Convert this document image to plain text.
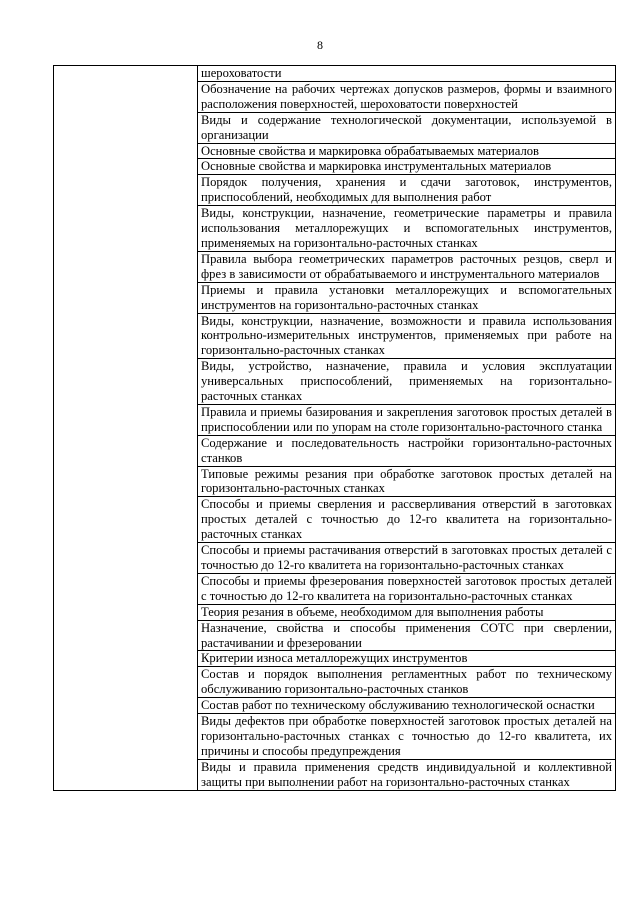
8

шероховатости
Обозначение на рабочих чертежах допусков размеров, формы и взаимного расположения поверхностей, шероховатости поверхностей
Виды и содержание технологической документации, используемой в организации
Основные свойства и маркировка обрабатываемых материалов
Основные свойства и маркировка инструментальных материалов
Порядок получения, хранения и сдачи заготовок, инструментов, приспособлений, необходимых для выполнения работ
Виды, конструкции, назначение, геометрические параметры и правила использования металлорежущих и вспомогательных инструментов, применяемых на горизонтально-расточных станках
Правила выбора геометрических параметров расточных резцов, сверл и фрез в зависимости от обрабатываемого и инструментального материалов
Приемы и правила установки металлорежущих и вспомогательных инструментов на горизонтально-расточных станках
Виды, конструкции, назначение, возможности и правила использования контрольно-измерительных инструментов, применяемых при работе на горизонтально-расточных станках
Виды, устройство, назначение, правила и условия эксплуатации универсальных приспособлений, применяемых на горизонтально-расточных станках
Правила и приемы базирования и закрепления заготовок простых деталей в приспособлении или по упорам на столе горизонтально-расточного станка
Содержание и последовательность настройки горизонтально-расточных станков
Типовые режимы резания при обработке заготовок простых деталей на горизонтально-расточных станках
Способы и приемы сверления и рассверливания отверстий в заготовках простых деталей с точностью до 12-го квалитета на горизонтально-расточных станках
Способы и приемы растачивания отверстий в заготовках простых деталей с точностью до 12-го квалитета на горизонтально-расточных станках
Способы и приемы фрезерования поверхностей заготовок простых деталей с точностью до 12-го квалитета на горизонтально-расточных станках
Теория резания в объеме, необходимом для выполнения работы
Назначение, свойства и способы применения СОТС при сверлении, растачивании и фрезеровании
Критерии износа металлорежущих инструментов
Состав и порядок выполнения регламентных работ по техническому обслуживанию горизонтально-расточных станков
Состав работ по техническому обслуживанию технологической оснастки
Виды дефектов при обработке поверхностей заготовок простых деталей на горизонтально-расточных станках с точностью до 12-го квалитета, их причины и способы предупреждения
Виды и правила применения средств индивидуальной и коллективной защиты при выполнении работ на горизонтально-расточных станках
